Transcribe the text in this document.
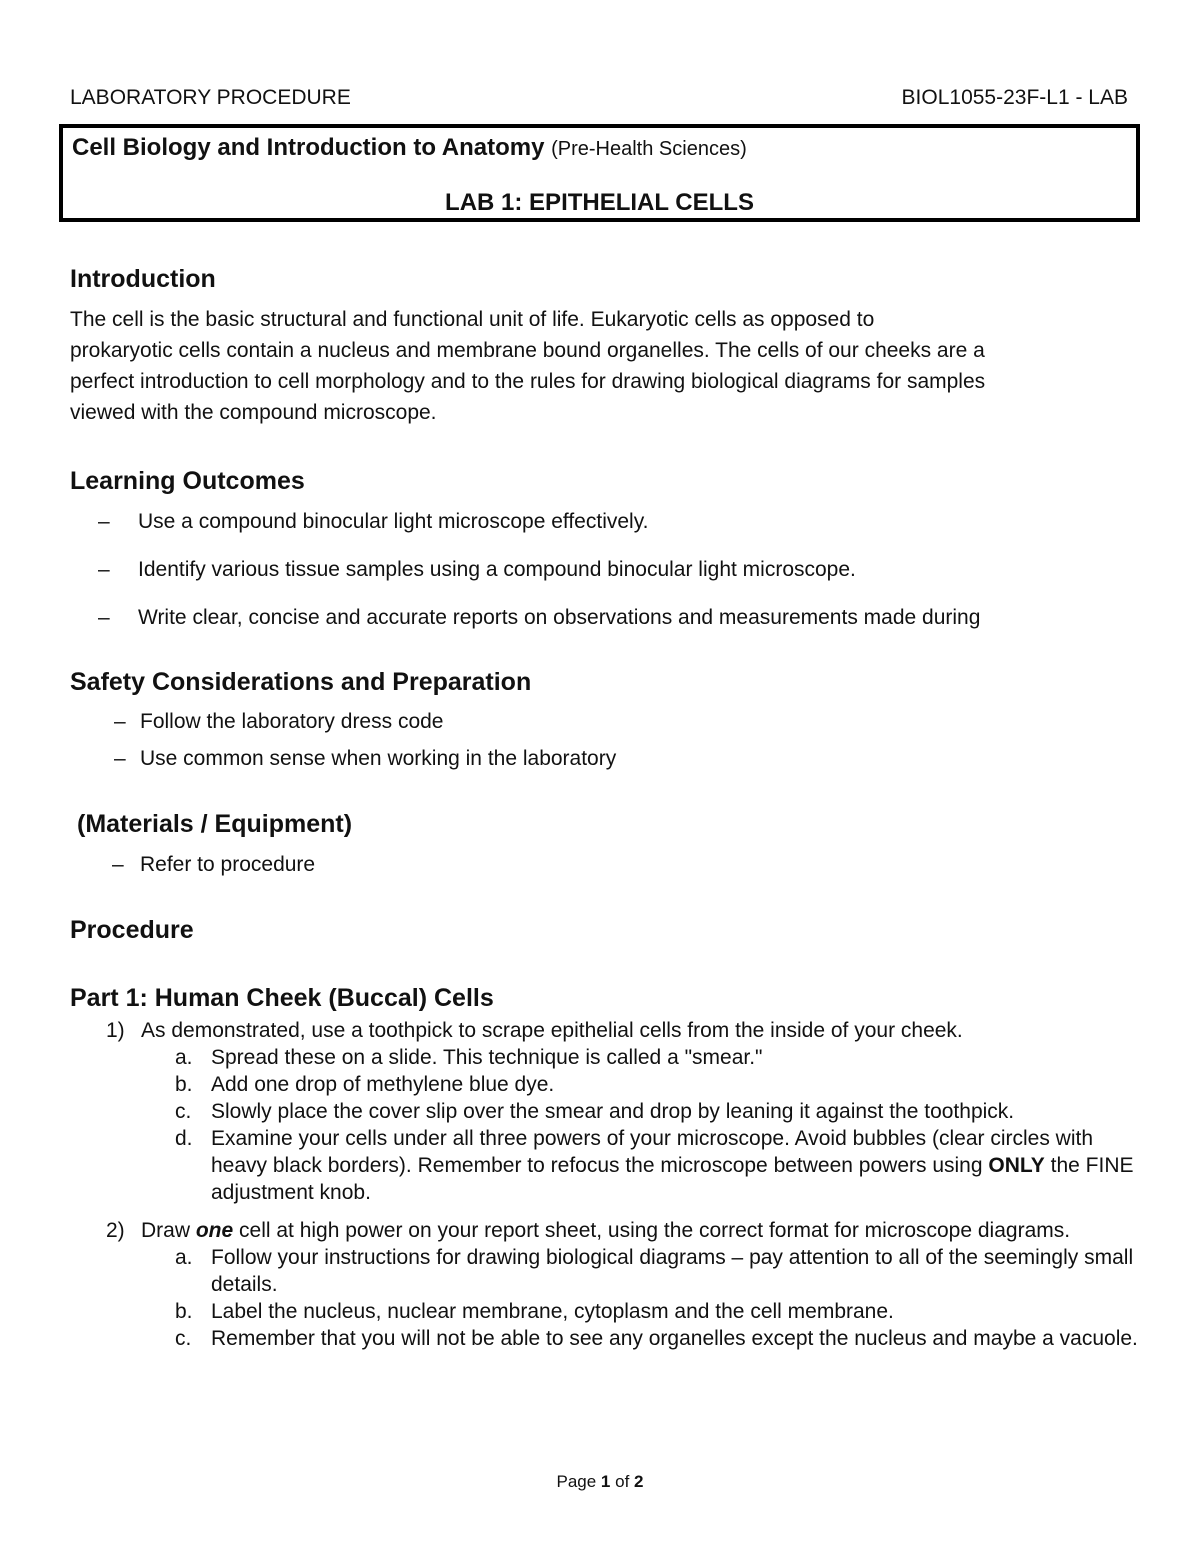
LABORATORY PROCEDURE	BIOL1055-23F-L1 - LAB
Cell Biology and Introduction to Anatomy (Pre-Health Sciences)
LAB 1: EPITHELIAL CELLS
Introduction

The cell is the basic structural and functional unit of life. Eukaryotic cells as opposed to
prokaryotic cells contain a nucleus and membrane bound organelles. The cells of our cheeks are a
perfect introduction to cell morphology and to the rules for drawing biological diagrams for samples
viewed with the compound microscope.

Learning Outcomes
– Use a compound binocular light microscope effectively.
– Identify various tissue samples using a compound binocular light microscope.
– Write clear, concise and accurate reports on observations and measurements made during
Safety Considerations and Preparation
– Follow the laboratory dress code
– Use common sense when working in the laboratory
(Materials / Equipment)
– Refer to procedure
Procedure
Part 1: Human Cheek (Buccal) Cells
1) As demonstrated, use a toothpick to scrape epithelial cells from the inside of your cheek.
a. Spread these on a slide. This technique is called a "smear."
b. Add one drop of methylene blue dye.
c. Slowly place the cover slip over the smear and drop by leaning it against the toothpick.
d. Examine your cells under all three powers of your microscope. Avoid bubbles (clear circles with heavy black borders). Remember to refocus the microscope between powers using ONLY the FINE adjustment knob.
2) Draw one cell at high power on your report sheet, using the correct format for microscope diagrams.
a. Follow your instructions for drawing biological diagrams – pay attention to all of the seemingly small details.
b. Label the nucleus, nuclear membrane, cytoplasm and the cell membrane.
c. Remember that you will not be able to see any organelles except the nucleus and maybe a vacuole.
Page 1 of 2
